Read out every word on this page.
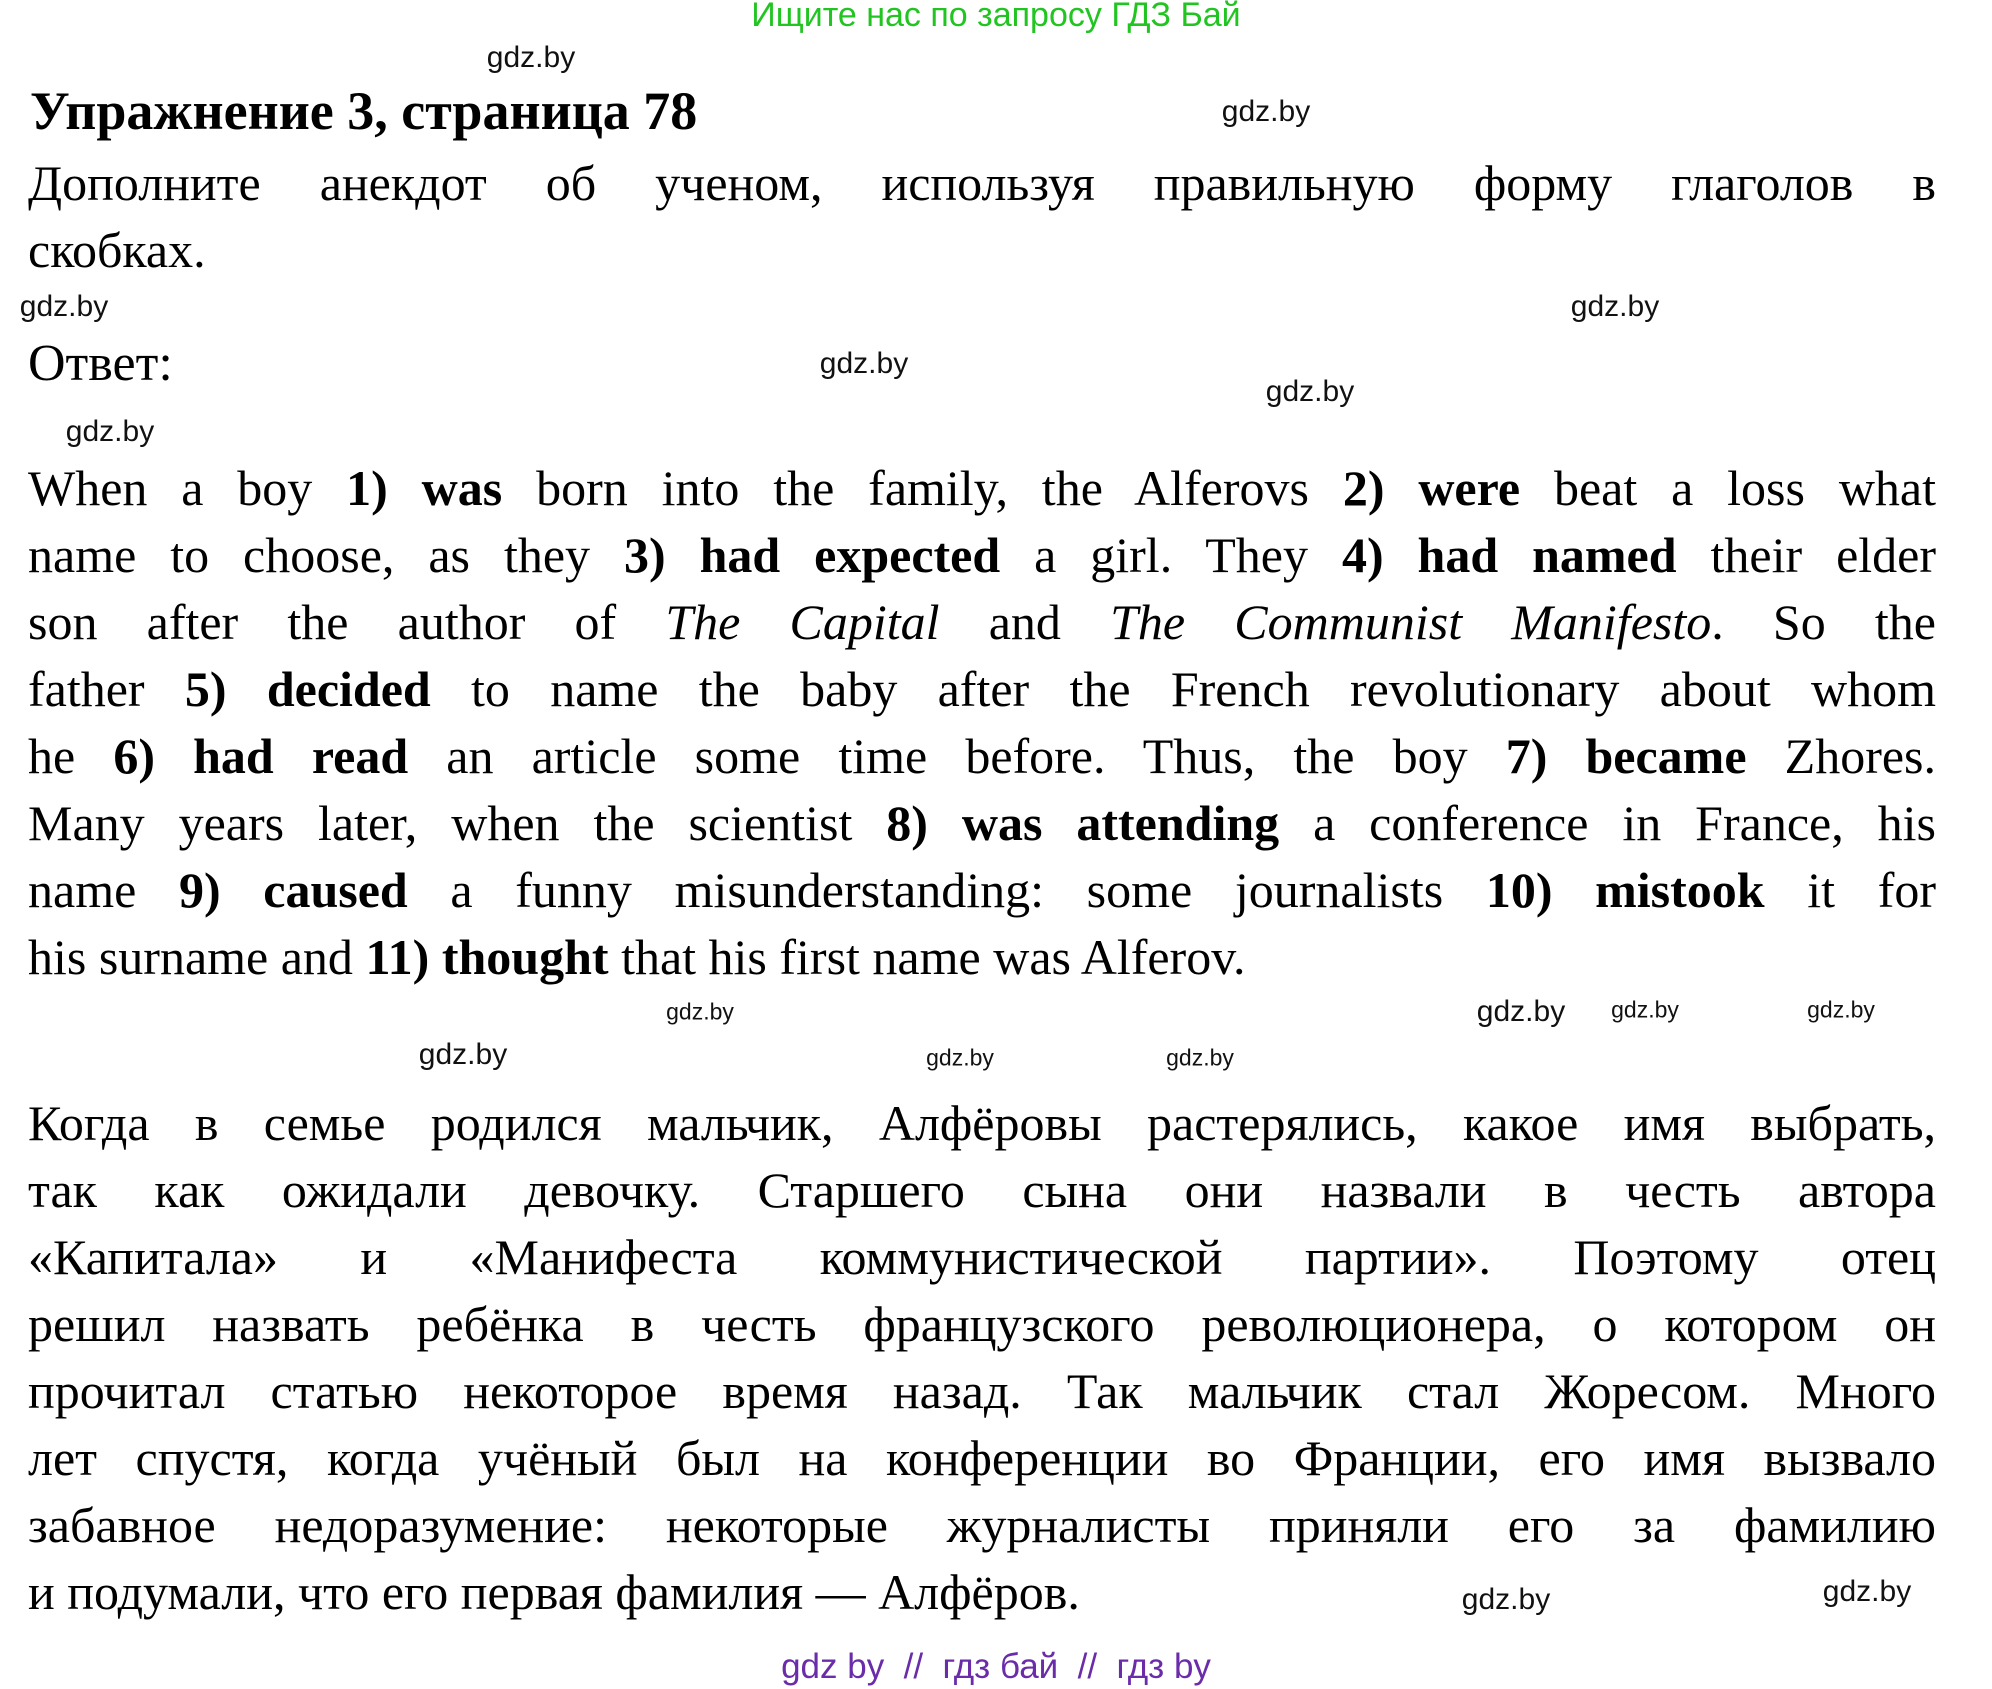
Ищите нас по запросу ГДЗ Бай
Упражнение 3, страница 78
Дополните анекдот об ученом, используя правильную форму глаголов в
скобках.
Ответ:
When a boy 1) was born into the family, the Alferovs 2) were beat a loss what
name to choose, as they 3) had expected a girl. They 4) had named their elder
son after the author of The Capital and The Communist Manifesto. So the
father 5) decided to name the baby after the French revolutionary about whom
he 6) had read an article some time before. Thus, the boy 7) became Zhores.
Many years later, when the scientist 8) was attending a conference in France, his
name 9) caused a funny misunderstanding: some journalists 10) mistook it for
his surname and 11) thought that his first name was Alferov.
Когда в семье родился мальчик, Алфёровы растерялись, какое имя выбрать,
так как ожидали девочку. Старшего сына они назвали в честь автора
«Капитала» и «Манифеста коммунистической партии». Поэтому отец
решил назвать ребёнка в честь французского революционера, о котором он
прочитал статью некоторое время назад. Так мальчик стал Жоресом. Много
лет спустя, когда учёный был на конференции во Франции, его имя вызвало
забавное недоразумение: некоторые журналисты приняли его за фамилию
и подумали, что его первая фамилия — Алфёров.
gdz.by
gdz.by
gdz.by
gdz.by
gdz.by
gdz.by
gdz.by
gdz.by
gdz.by	gdz.by
gdz.by	gdz.by	gdz.by
gdz.by
gdz.by
gdz.by
gdz by  //  гдз бай  //  гдз by
